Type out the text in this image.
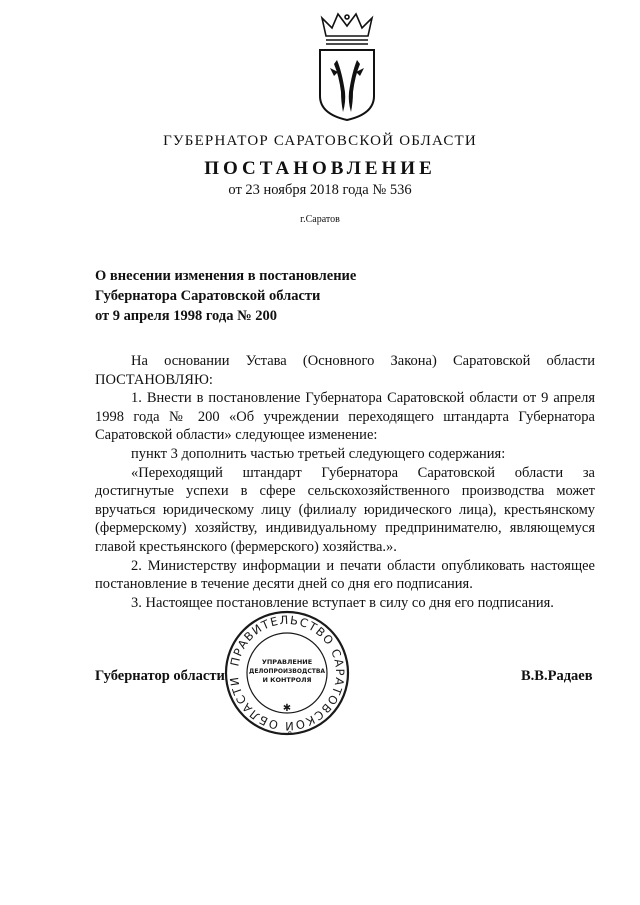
ГУБЕРНАТОР САРАТОВСКОЙ ОБЛАСТИ
ПОСТАНОВЛЕНИЕ
от 23 ноября 2018 года № 536
г.Саратов
О внесении изменения в постановление
Губернатора Саратовской области
от 9 апреля 1998 года № 200

На основании Устава (Основного Закона) Саратовской области

ПОСТАНОВЛЯЮ:

1. Внести в постановление Губернатора Саратовской области от 9 апреля 1998 года № 200 «Об учреждении переходящего штандарта Губернатора Саратовской области» следующее изменение:

пункт 3 дополнить частью третьей следующего содержания:

«Переходящий штандарт Губернатора Саратовской области за достигнутые успехи в сфере сельскохозяйственного производства может вручаться юридическому лицу (филиалу юридического лица), крестьянскому (фермерскому) хозяйству, индивидуальному предпринимателю, являющемуся главой крестьянского (фермерского) хозяйства.».

2. Министерству информации и печати области опубликовать настоящее постановление в течение десяти дней со дня его подписания.

3. Настоящее постановление вступает в силу со дня его подписания.

Губернатор области	В.В.Радаев
ПРАВИТЕЛЬСТВО САРАТОВСКОЙ ОБЛАСТИ
УПРАВЛЕНИЕ
ДЕЛОПРОИЗВОДСТВА
И КОНТРОЛЯ
✱
